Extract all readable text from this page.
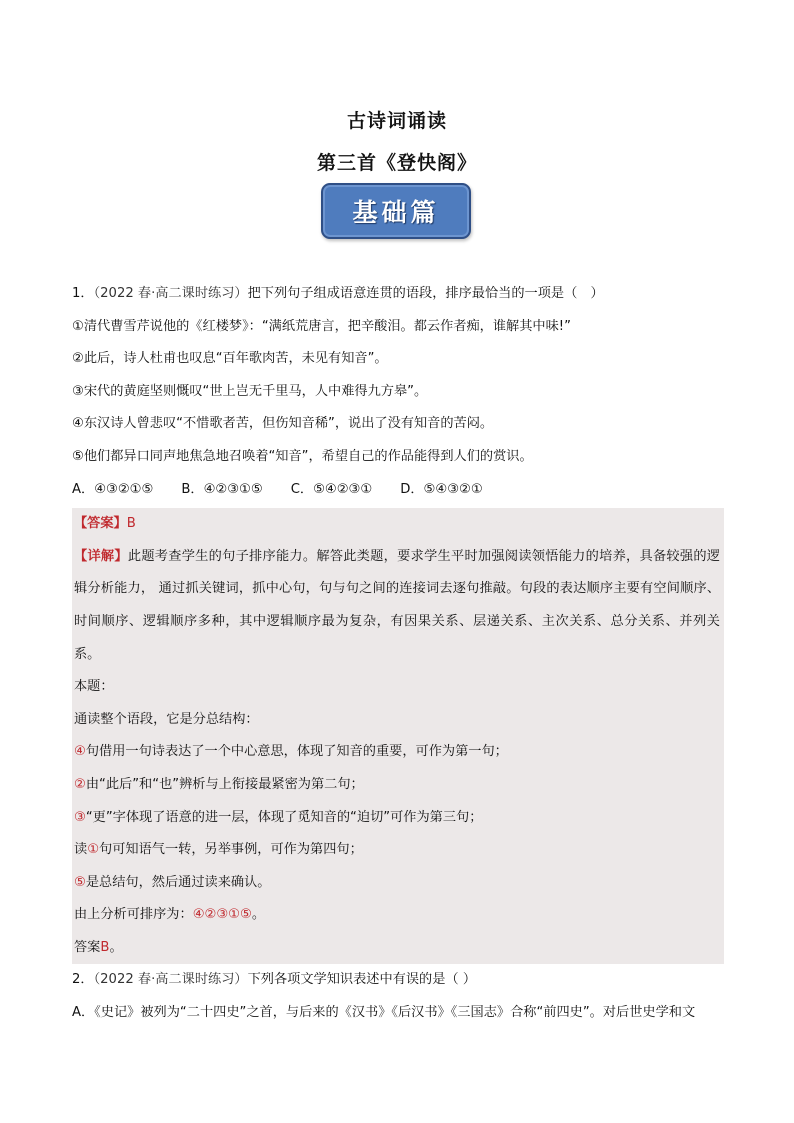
古诗词诵读
第三首《登快阁》
基础篇
1．（2022 春·高二课时练习）把下列句子组成语意连贯的语段，排序最恰当的一项是（　）
①清代曹雪芹说他的《红楼梦》：“满纸荒唐言，把辛酸泪。都云作者痴，谁解其中味!”
②此后，诗人杜甫也叹息“百年歌肉苦，未见有知音”。
③宋代的黄庭坚则慨叹“世上岂无千里马，人中难得九方皋”。
④东汉诗人曾悲叹“不惜歌者苦，但伤知音稀”，说出了没有知音的苦闷。
⑤他们都异口同声地焦急地召唤着“知音”，希望自己的作品能得到人们的赏识。
A．④③②①⑤ B．④②③①⑤ C．⑤④②③① D．⑤④③②①
【答案】B
【详解】此题考查学生的句子排序能力。解答此类题，要求学生平时加强阅读领悟能力的培养，具备较强的逻辑分析能力， 通过抓关键词，抓中心句，句与句之间的连接词去逐句推敲。句段的表达顺序主要有空间顺序、时间顺序、逻辑顺序多种，其中逻辑顺序最为复杂，有因果关系、层递关系、主次关系、总分关系、并列关系。
本题：
通读整个语段，它是分总结构：
④句借用一句诗表达了一个中心意思，体现了知音的重要，可作为第一句；
②由“此后”和“也”辨析与上衔接最紧密为第二句；
③“更”字体现了语意的进一层，体现了觅知音的“迫切”可作为第三句；
读①句可知语气一转，另举事例，可作为第四句；
⑤是总结句，然后通过读来确认。
由上分析可排序为：④②③①⑤。
答案B。
2．（2022 春·高二课时练习）下列各项文学知识表述中有误的是（ ）
A．《史记》被列为“二十四史”之首，与后来的《汉书》《后汉书》《三国志》合称“前四史”。对后世史学和文
